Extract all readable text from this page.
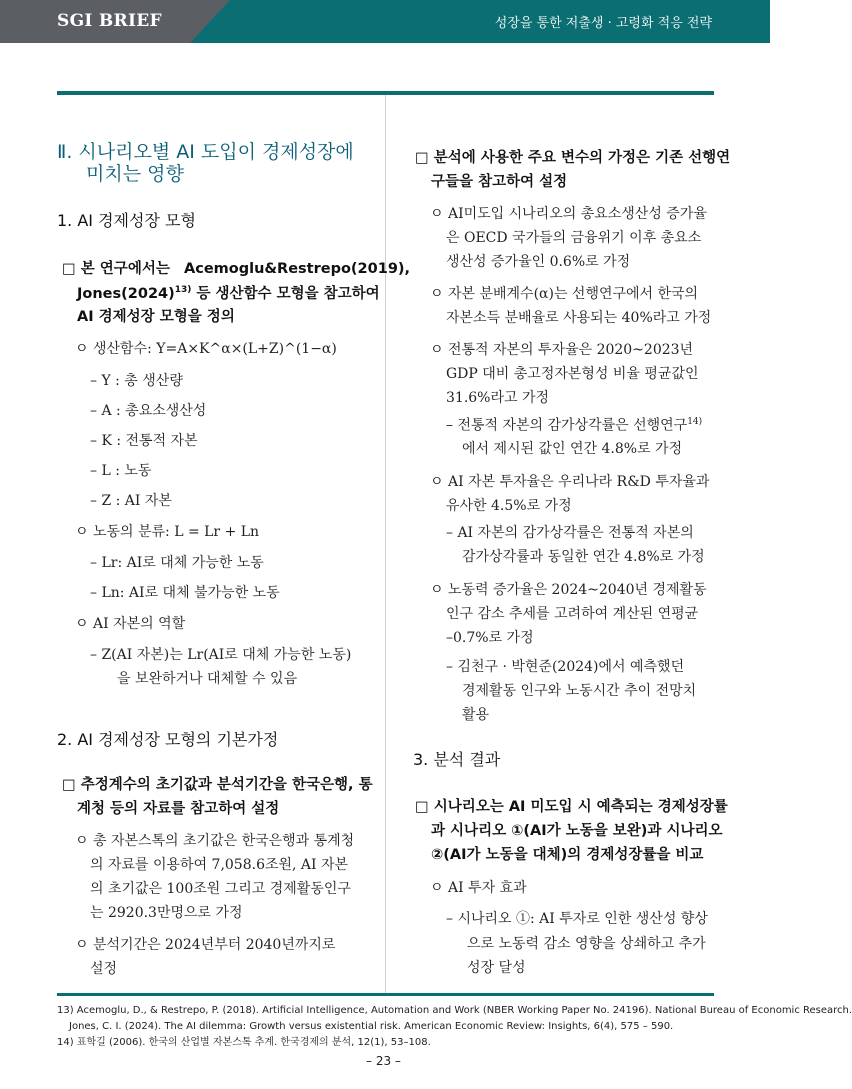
SGI BRIEF	성장을 통한 저출생 · 고령화 적응 전략
Ⅱ. 시나리오별 AI 도입이 경제성장에
미치는 영향
1. AI 경제성장 모형
□ 본 연구에서는 Acemoglu&Restrepo(2019),
$Jones(2024)^{13)}$ 등 생산함수 모형을 참고하여
AI 경제성장 모형을 정의
ㅇ 생산함수: Y=A×K^α×(L+Z)^(1−α)
– Y : 총 생산량
– A : 총요소생산성
– K : 전통적 자본
– L : 노동
– Z : AI 자본
ㅇ 노동의 분류: L = Lr + Ln
– Lr: AI로 대체 가능한 노동
– Ln: AI로 대체 불가능한 노동
ㅇ AI 자본의 역할
– Z(AI 자본)는 Lr(AI로 대체 가능한 노동)
을 보완하거나 대체할 수 있음
2. AI 경제성장 모형의 기본가정
□ 추정계수의 초기값과 분석기간을 한국은행, 통
계청 등의 자료를 참고하여 설정
ㅇ 총 자본스톡의 초기값은 한국은행과 통계청
의 자료를 이용하여 7,058.6조원, AI 자본
의 초기값은 100조원 그리고 경제활동인구
는 2920.3만명으로 가정
ㅇ 분석기간은 2024년부터 2040년까지로
설정
□ 분석에 사용한 주요 변수의 가정은 기존 선행연
구들을 참고하여 설정
ㅇ AI미도입 시나리오의 총요소생산성 증가율
은 OECD 국가들의 금융위기 이후 총요소
생산성 증가율인 0.6%로 가정
ㅇ 자본 분배계수(α)는 선행연구에서 한국의
자본소득 분배율로 사용되는 40%라고 가정
ㅇ 전통적 자본의 투자율은 2020~2023년
GDP 대비 총고정자본형성 비율 평균값인
31.6%라고 가정
– 전통적 자본의 감가상각률은 선행연구$^{14)}$
에서 제시된 값인 연간 4.8%로 가정
ㅇ AI 자본 투자율은 우리나라 R&D 투자율과
유사한 4.5%로 가정
– AI 자본의 감가상각률은 전통적 자본의
감가상각률과 동일한 연간 4.8%로 가정
ㅇ 노동력 증가율은 2024~2040년 경제활동
인구 감소 추세를 고려하여 계산된 연평균
–0.7%로 가정
– 김천구 · 박현준(2024)에서 예측했던
경제활동 인구와 노동시간 추이 전망치
활용
3. 분석 결과
□ 시나리오는 AI 미도입 시 예측되는 경제성장률
과 시나리오 ①(AI가 노동을 보완)과 시나리오
②(AI가 노동을 대체)의 경제성장률을 비교
ㅇ AI 투자 효과
– 시나리오 ①: AI 투자로 인한 생산성 향상
으로 노동력 감소 영향을 상쇄하고 추가
성장 달성
13) Acemoglu, D., & Restrepo, P. (2018). Artificial Intelligence, Automation and Work (NBER Working Paper No. 24196). National Bureau of Economic Research.
Jones, C. I. (2024). The AI dilemma: Growth versus existential risk. American Economic Review: Insights, 6(4), 575 – 590.
14) 표학길 (2006). 한국의 산업별 자본스톡 추계. 한국경제의 분석, 12(1), 53–108.
– 23 –
